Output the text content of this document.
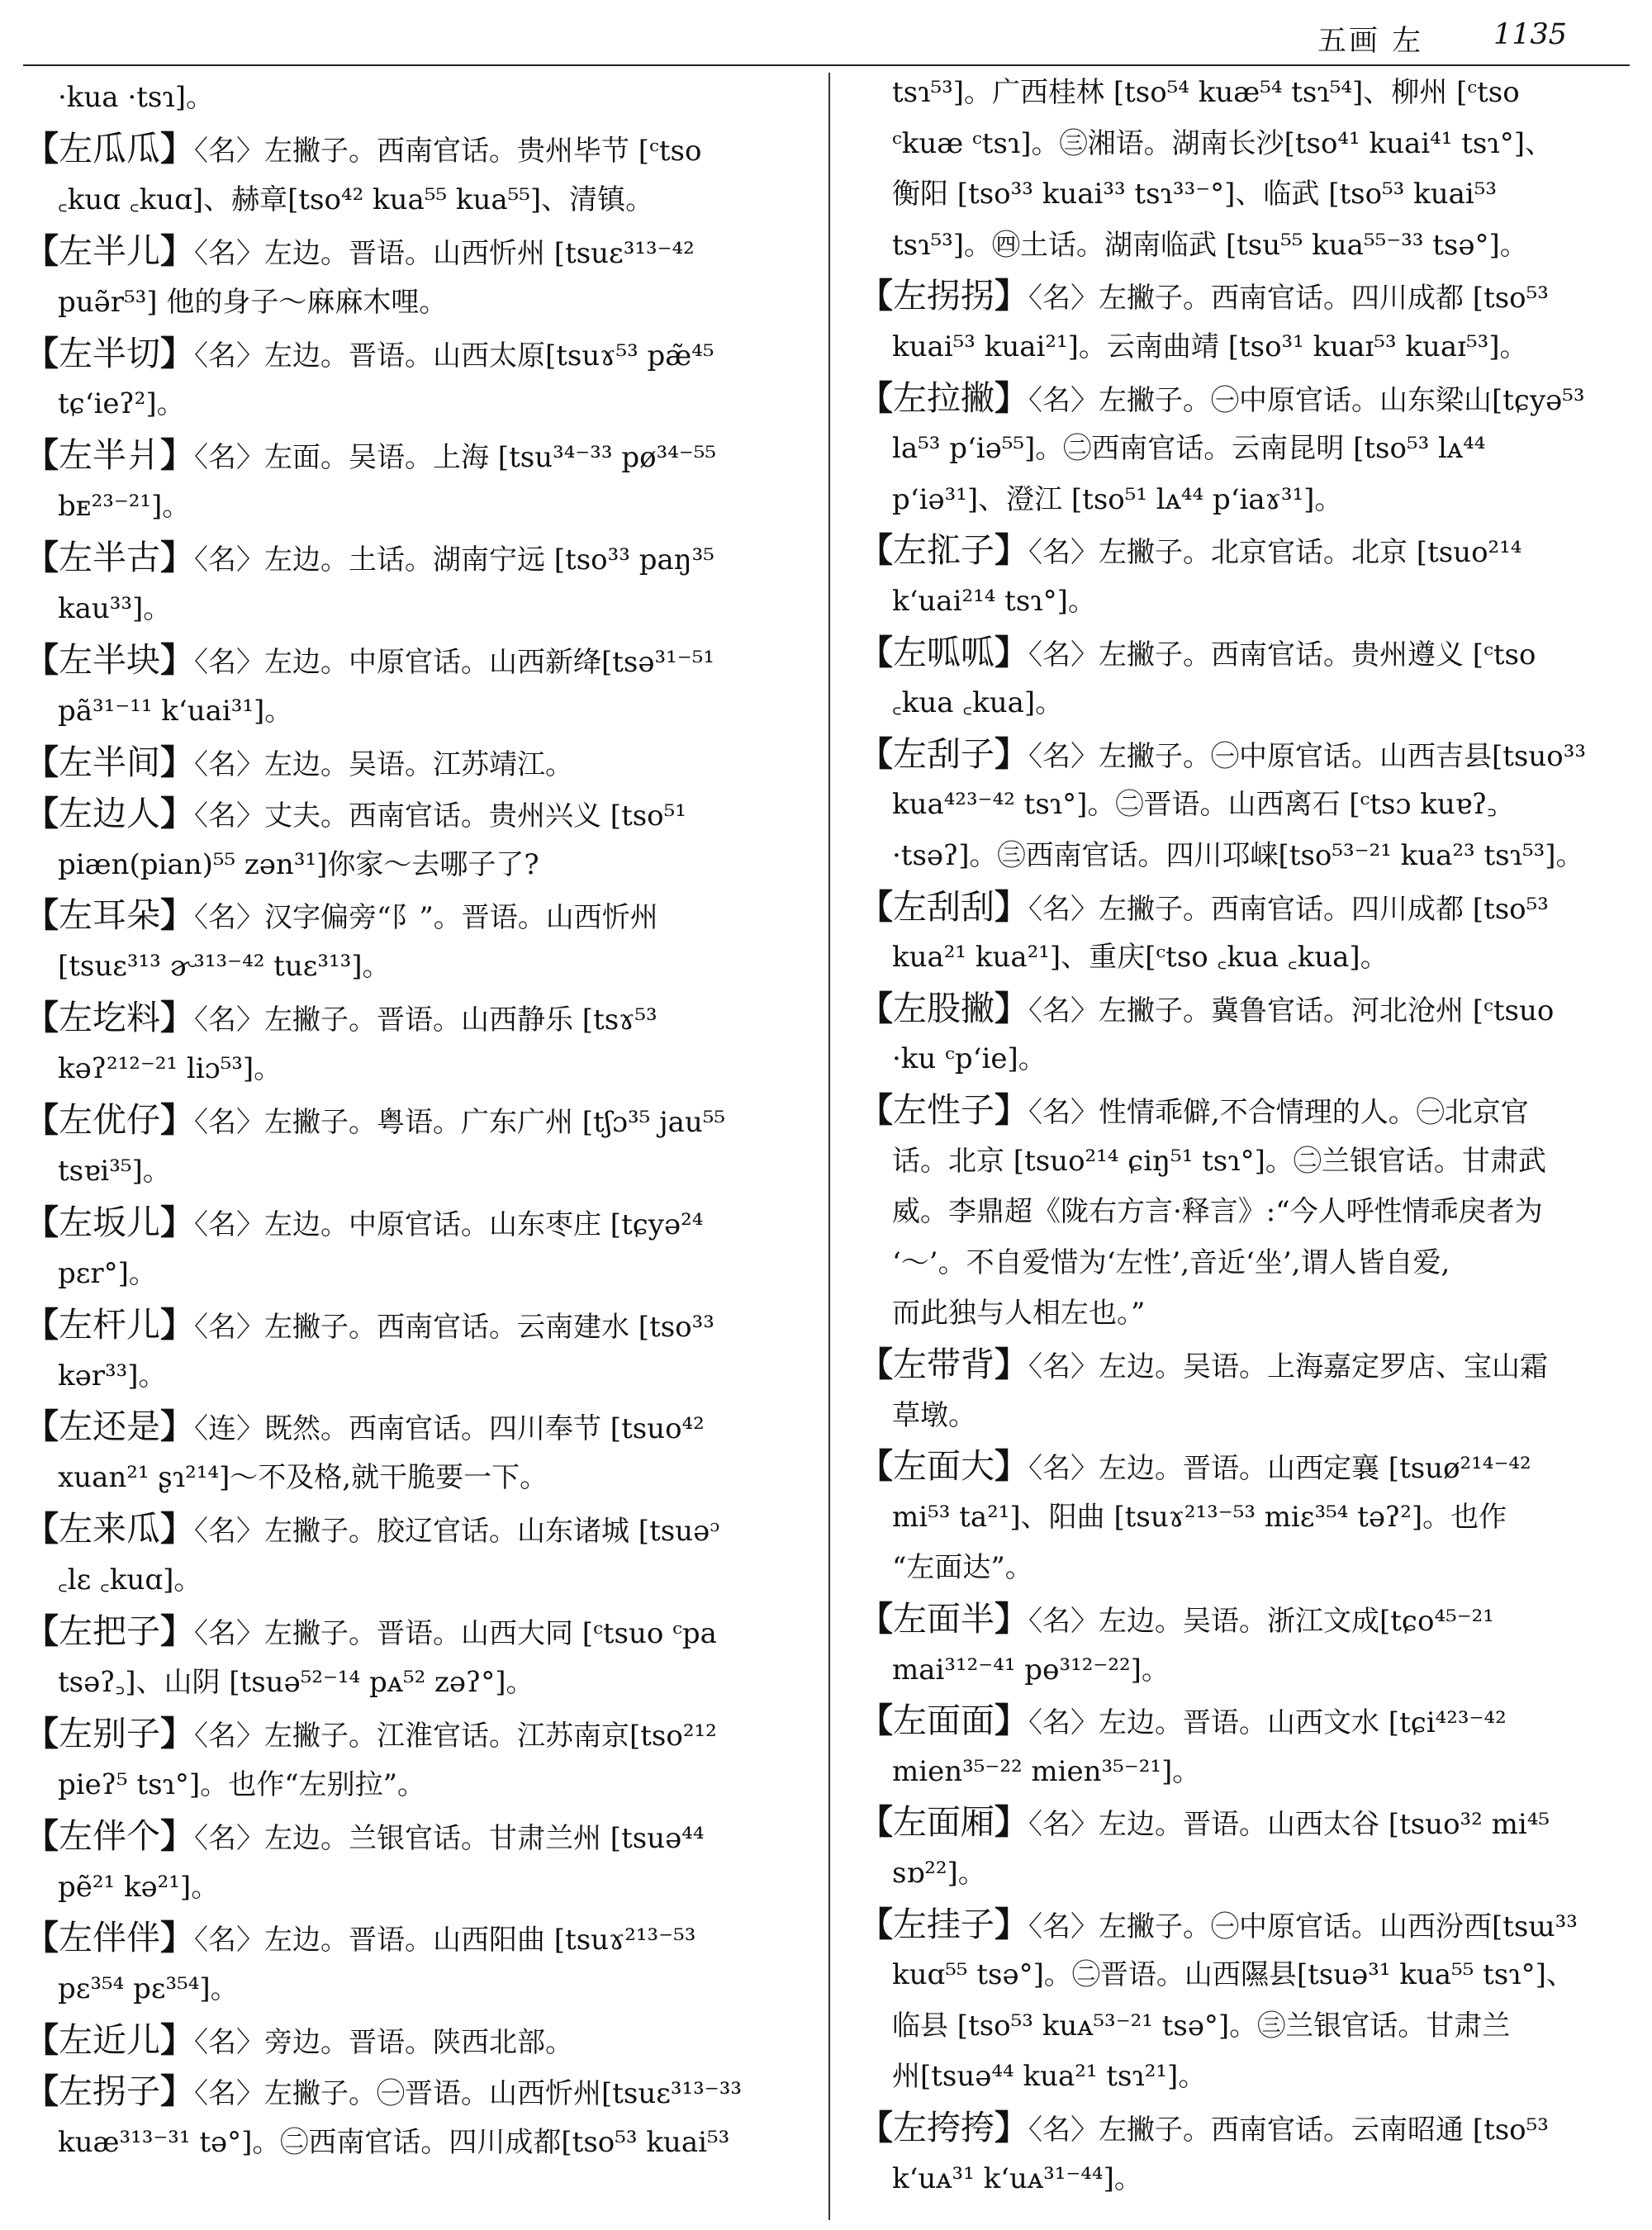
五画 左 1135
·kua ·tsɿ]。
【左瓜瓜】〈名〉左撇子。西南官话。贵州毕节 [ᶜtso
꜀kuɑ ꜀kuɑ]、赫章[tso⁴² kua⁵⁵ kua⁵⁵]、清镇。
【左半儿】〈名〉左边。晋语。山西忻州 [tsuɛ³¹³⁻⁴²
puə̃r⁵³] 他的身子～麻麻木哩。
【左半切】〈名〉左边。晋语。山西太原[tsuɤ⁵³ pæ̃⁴⁵
tɕʻieʔ²]。
【左半爿】〈名〉左面。吴语。上海 [tsu³⁴⁻³³ pø³⁴⁻⁵⁵
bᴇ²³⁻²¹]。
【左半古】〈名〉左边。土话。湖南宁远 [tso³³ paŋ³⁵
kau³³]。
【左半块】〈名〉左边。中原官话。山西新绛[tsə³¹⁻⁵¹
pã³¹⁻¹¹ kʻuai³¹]。
【左半间】〈名〉左边。吴语。江苏靖江。
【左边人】〈名〉丈夫。西南官话。贵州兴义 [tso⁵¹
piæn(pian)⁵⁵ zən³¹]你家～去哪子了?
【左耳朵】〈名〉汉字偏旁“阝”。晋语。山西忻州
[tsuɛ³¹³ ɚ³¹³⁻⁴² tuɛ³¹³]。
【左圪料】〈名〉左撇子。晋语。山西静乐 [tsɤ⁵³
kəʔ²¹²⁻²¹ liɔ⁵³]。
【左优仔】〈名〉左撇子。粤语。广东广州 [tʃɔ³⁵ jau⁵⁵
tsɐi³⁵]。
【左坂儿】〈名〉左边。中原官话。山东枣庄 [tɕyə²⁴
pɛr°]。
【左杆儿】〈名〉左撇子。西南官话。云南建水 [tso³³
kər³³]。
【左还是】〈连〉既然。西南官话。四川奉节 [tsuo⁴²
xuan²¹ ʂɿ²¹⁴]～不及格,就干脆要一下。
【左来瓜】〈名〉左撇子。胶辽官话。山东诸城 [tsuəᵓ
꜀lɛ ꜀kuɑ]。
【左把子】〈名〉左撇子。晋语。山西大同 [ᶜtsuo ᶜpa
tsəʔ꜆]、山阴 [tsuə⁵²⁻¹⁴ pᴀ⁵² zəʔ°]。
【左别子】〈名〉左撇子。江淮官话。江苏南京[tso²¹²
pieʔ⁵ tsɿ°]。也作“左别拉”。
【左伴个】〈名〉左边。兰银官话。甘肃兰州 [tsuə⁴⁴
pẽ²¹ kə²¹]。
【左伴伴】〈名〉左边。晋语。山西阳曲 [tsuɤ²¹³⁻⁵³
pɛ³⁵⁴ pɛ³⁵⁴]。
【左近儿】〈名〉旁边。晋语。陕西北部。
【左拐子】〈名〉左撇子。㊀晋语。山西忻州[tsuɛ³¹³⁻³³
kuæ³¹³⁻³¹ tə°]。㊁西南官话。四川成都[tso⁵³ kuai⁵³
tsɿ⁵³]。广西桂林 [tso⁵⁴ kuæ⁵⁴ tsɿ⁵⁴]、柳州 [ᶜtso
ᶜkuæ ᶜtsɿ]。㊂湘语。湖南长沙[tso⁴¹ kuai⁴¹ tsɿ°]、
衡阳 [tso³³ kuai³³ tsɿ³³⁻°]、临武 [tso⁵³ kuai⁵³
tsɿ⁵³]。㊃土话。湖南临武 [tsu⁵⁵ kua⁵⁵⁻³³ tsə°]。
【左拐拐】〈名〉左撇子。西南官话。四川成都 [tso⁵³
kuai⁵³ kuai²¹]。云南曲靖 [tso³¹ kuaɪ⁵³ kuaɪ⁵³]。
【左拉撇】〈名〉左撇子。㊀中原官话。山东梁山[tɕyə⁵³
la⁵³ pʻiə⁵⁵]。㊁西南官话。云南昆明 [tso⁵³ lᴀ⁴⁴
pʻiə³¹]、澄江 [tso⁵¹ lᴀ⁴⁴ pʻiaɤ³¹]。
【左㧟子】〈名〉左撇子。北京官话。北京 [tsuo²¹⁴
kʻuai²¹⁴ tsɿ°]。
【左呱呱】〈名〉左撇子。西南官话。贵州遵义 [ᶜtso
꜀kua ꜀kua]。
【左刮子】〈名〉左撇子。㊀中原官话。山西吉县[tsuo³³
kua⁴²³⁻⁴² tsɿ°]。㊁晋语。山西离石 [ᶜtsɔ kuɐʔ꜆
·tsəʔ]。㊂西南官话。四川邛崃[tso⁵³⁻²¹ kua²³ tsɿ⁵³]。
【左刮刮】〈名〉左撇子。西南官话。四川成都 [tso⁵³
kua²¹ kua²¹]、重庆[ᶜtso ꜀kua ꜀kua]。
【左股撇】〈名〉左撇子。冀鲁官话。河北沧州 [ᶜtsuo
·ku ᶜpʻie]。
【左性子】〈名〉性情乖僻,不合情理的人。㊀北京官
话。北京 [tsuo²¹⁴ ɕiŋ⁵¹ tsɿ°]。㊁兰银官话。甘肃武
威。李鼎超《陇右方言·释言》:“今人呼性情乖戾者为
‘～’。不自爱惜为‘左性’,音近‘坐’,谓人皆自爱,
而此独与人相左也。”
【左带背】〈名〉左边。吴语。上海嘉定罗店、宝山霜
草墩。
【左面大】〈名〉左边。晋语。山西定襄 [tsuø²¹⁴⁻⁴²
mi⁵³ ta²¹]、阳曲 [tsuɤ²¹³⁻⁵³ miɛ³⁵⁴ təʔ²]。也作
“左面达”。
【左面半】〈名〉左边。吴语。浙江文成[tɕo⁴⁵⁻²¹
mai³¹²⁻⁴¹ pɵ³¹²⁻²²]。
【左面面】〈名〉左边。晋语。山西文水 [tɕi⁴²³⁻⁴²
mien³⁵⁻²² mien³⁵⁻²¹]。
【左面厢】〈名〉左边。晋语。山西太谷 [tsuo³² mi⁴⁵
sɒ²²]。
【左挂子】〈名〉左撇子。㊀中原官话。山西汾西[tsɯ³³
kuɑ⁵⁵ tsə°]。㊁晋语。山西隰县[tsuə³¹ kua⁵⁵ tsɿ°]、
临县 [tso⁵³ kuᴀ⁵³⁻²¹ tsə°]。㊂兰银官话。甘肃兰
州[tsuə⁴⁴ kua²¹ tsɿ²¹]。
【左挎挎】〈名〉左撇子。西南官话。云南昭通 [tso⁵³
kʻuᴀ³¹ kʻuᴀ³¹⁻⁴⁴]。
